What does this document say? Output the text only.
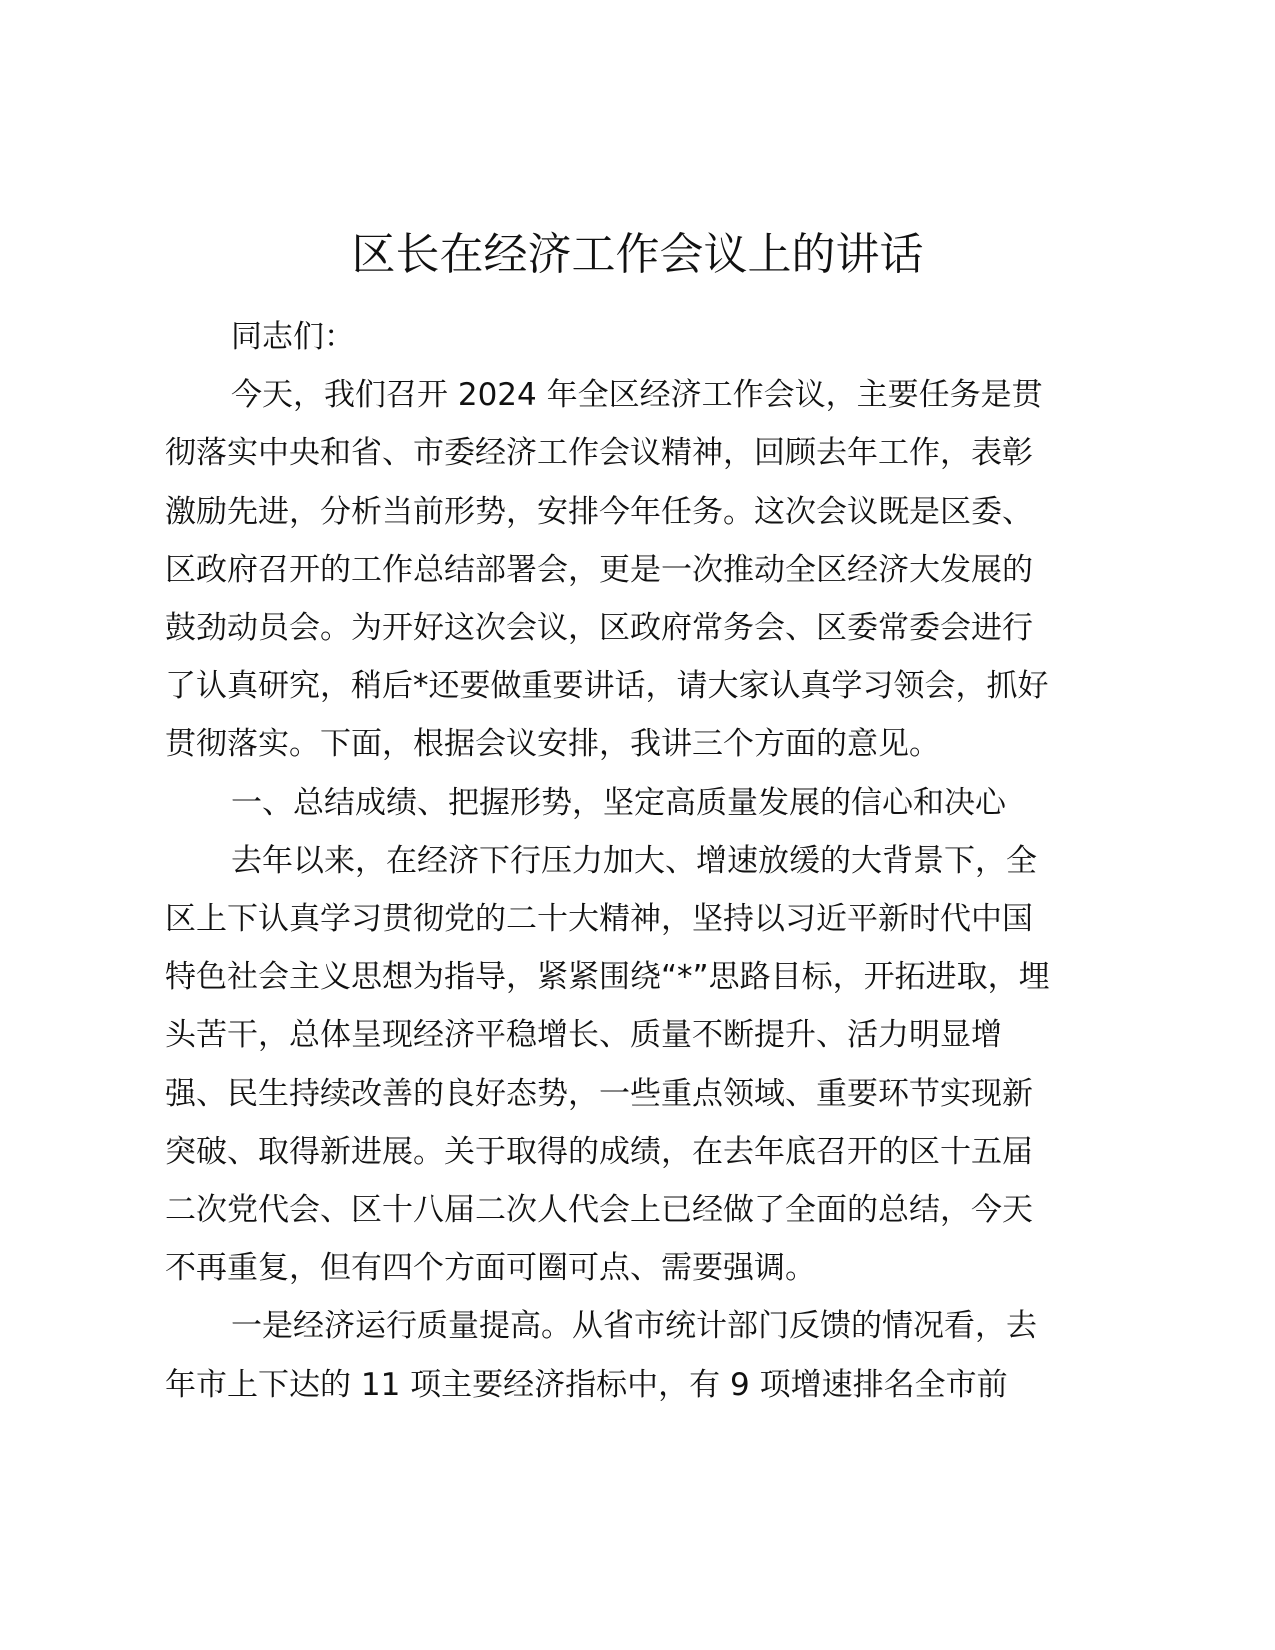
区长在经济工作会议上的讲话

同志们：

今天，我们召开 2024 年全区经济工作会议，主要任务是贯
彻落实中央和省、市委经济工作会议精神，回顾去年工作，表彰
激励先进，分析当前形势，安排今年任务。这次会议既是区委、
区政府召开的工作总结部署会，更是一次推动全区经济大发展的
鼓劲动员会。为开好这次会议，区政府常务会、区委常委会进行
了认真研究，稍后*还要做重要讲话，请大家认真学习领会，抓好
贯彻落实。下面，根据会议安排，我讲三个方面的意见。

一、总结成绩、把握形势，坚定高质量发展的信心和决心

去年以来，在经济下行压力加大、增速放缓的大背景下，全
区上下认真学习贯彻党的二十大精神，坚持以习近平新时代中国
特色社会主义思想为指导，紧紧围绕“*”思路目标，开拓进取，埋
头苦干，总体呈现经济平稳增长、质量不断提升、活力明显增
强、民生持续改善的良好态势，一些重点领域、重要环节实现新
突破、取得新进展。关于取得的成绩，在去年底召开的区十五届
二次党代会、区十八届二次人代会上已经做了全面的总结，今天
不再重复，但有四个方面可圈可点、需要强调。

一是经济运行质量提高。从省市统计部门反馈的情况看，去
年市上下达的 11 项主要经济指标中，有 9 项增速排名全市前
